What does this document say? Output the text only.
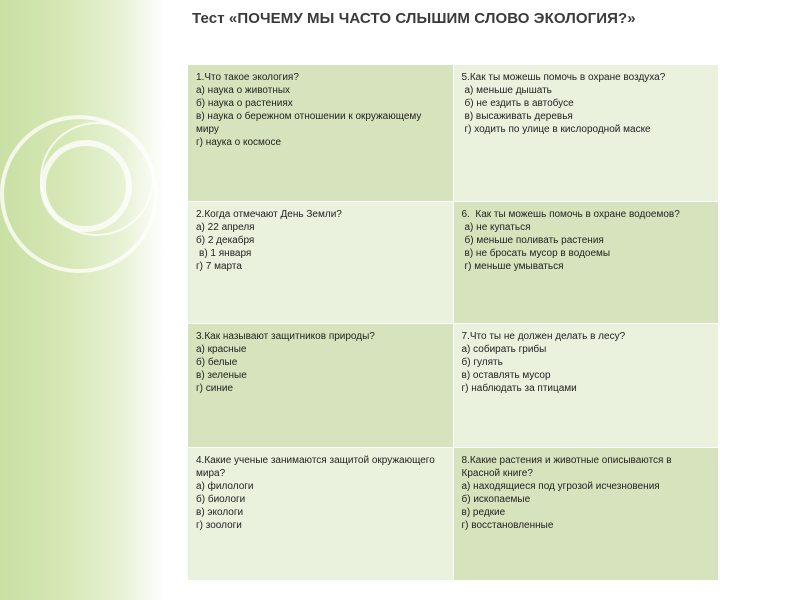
Тест «ПОЧЕМУ МЫ ЧАСТО СЛЫШИМ СЛОВО ЭКОЛОГИЯ?»
1.Что такое экология?
а) наука о животных
б) наука о растениях
в) наука о бережном отношении к окружающему миру
г) наука о космосе	5.Как ты можешь помочь в охране воздуха?
а) меньше дышать
б) не ездить в автобусе
в) высаживать деревья
г) ходить по улице в кислородной маске

2.Когда отмечают День Земли?
а) 22 апреля
б) 2 декабря
в) 1 января
г) 7 марта	6.  Как ты можешь помочь в охране водоемов?
а) не купаться
б) меньше поливать растения
в) не бросать мусор в водоемы
г) меньше умываться

3.Как называют защитников природы?
а) красные
б) белые
в) зеленые
г) синие	7.Что ты не должен делать в лесу?
а) собирать грибы
б) гулять
в) оставлять мусор
г) наблюдать за птицами

4.Какие ученые занимаются защитой окружающего мира?
а) филологи
б) биологи
в) экологи
г) зоологи	8.Какие растения и животные описываются в Красной книге?
а) находящиеся под угрозой исчезновения
б) ископаемые
в) редкие
г) восстановленные
